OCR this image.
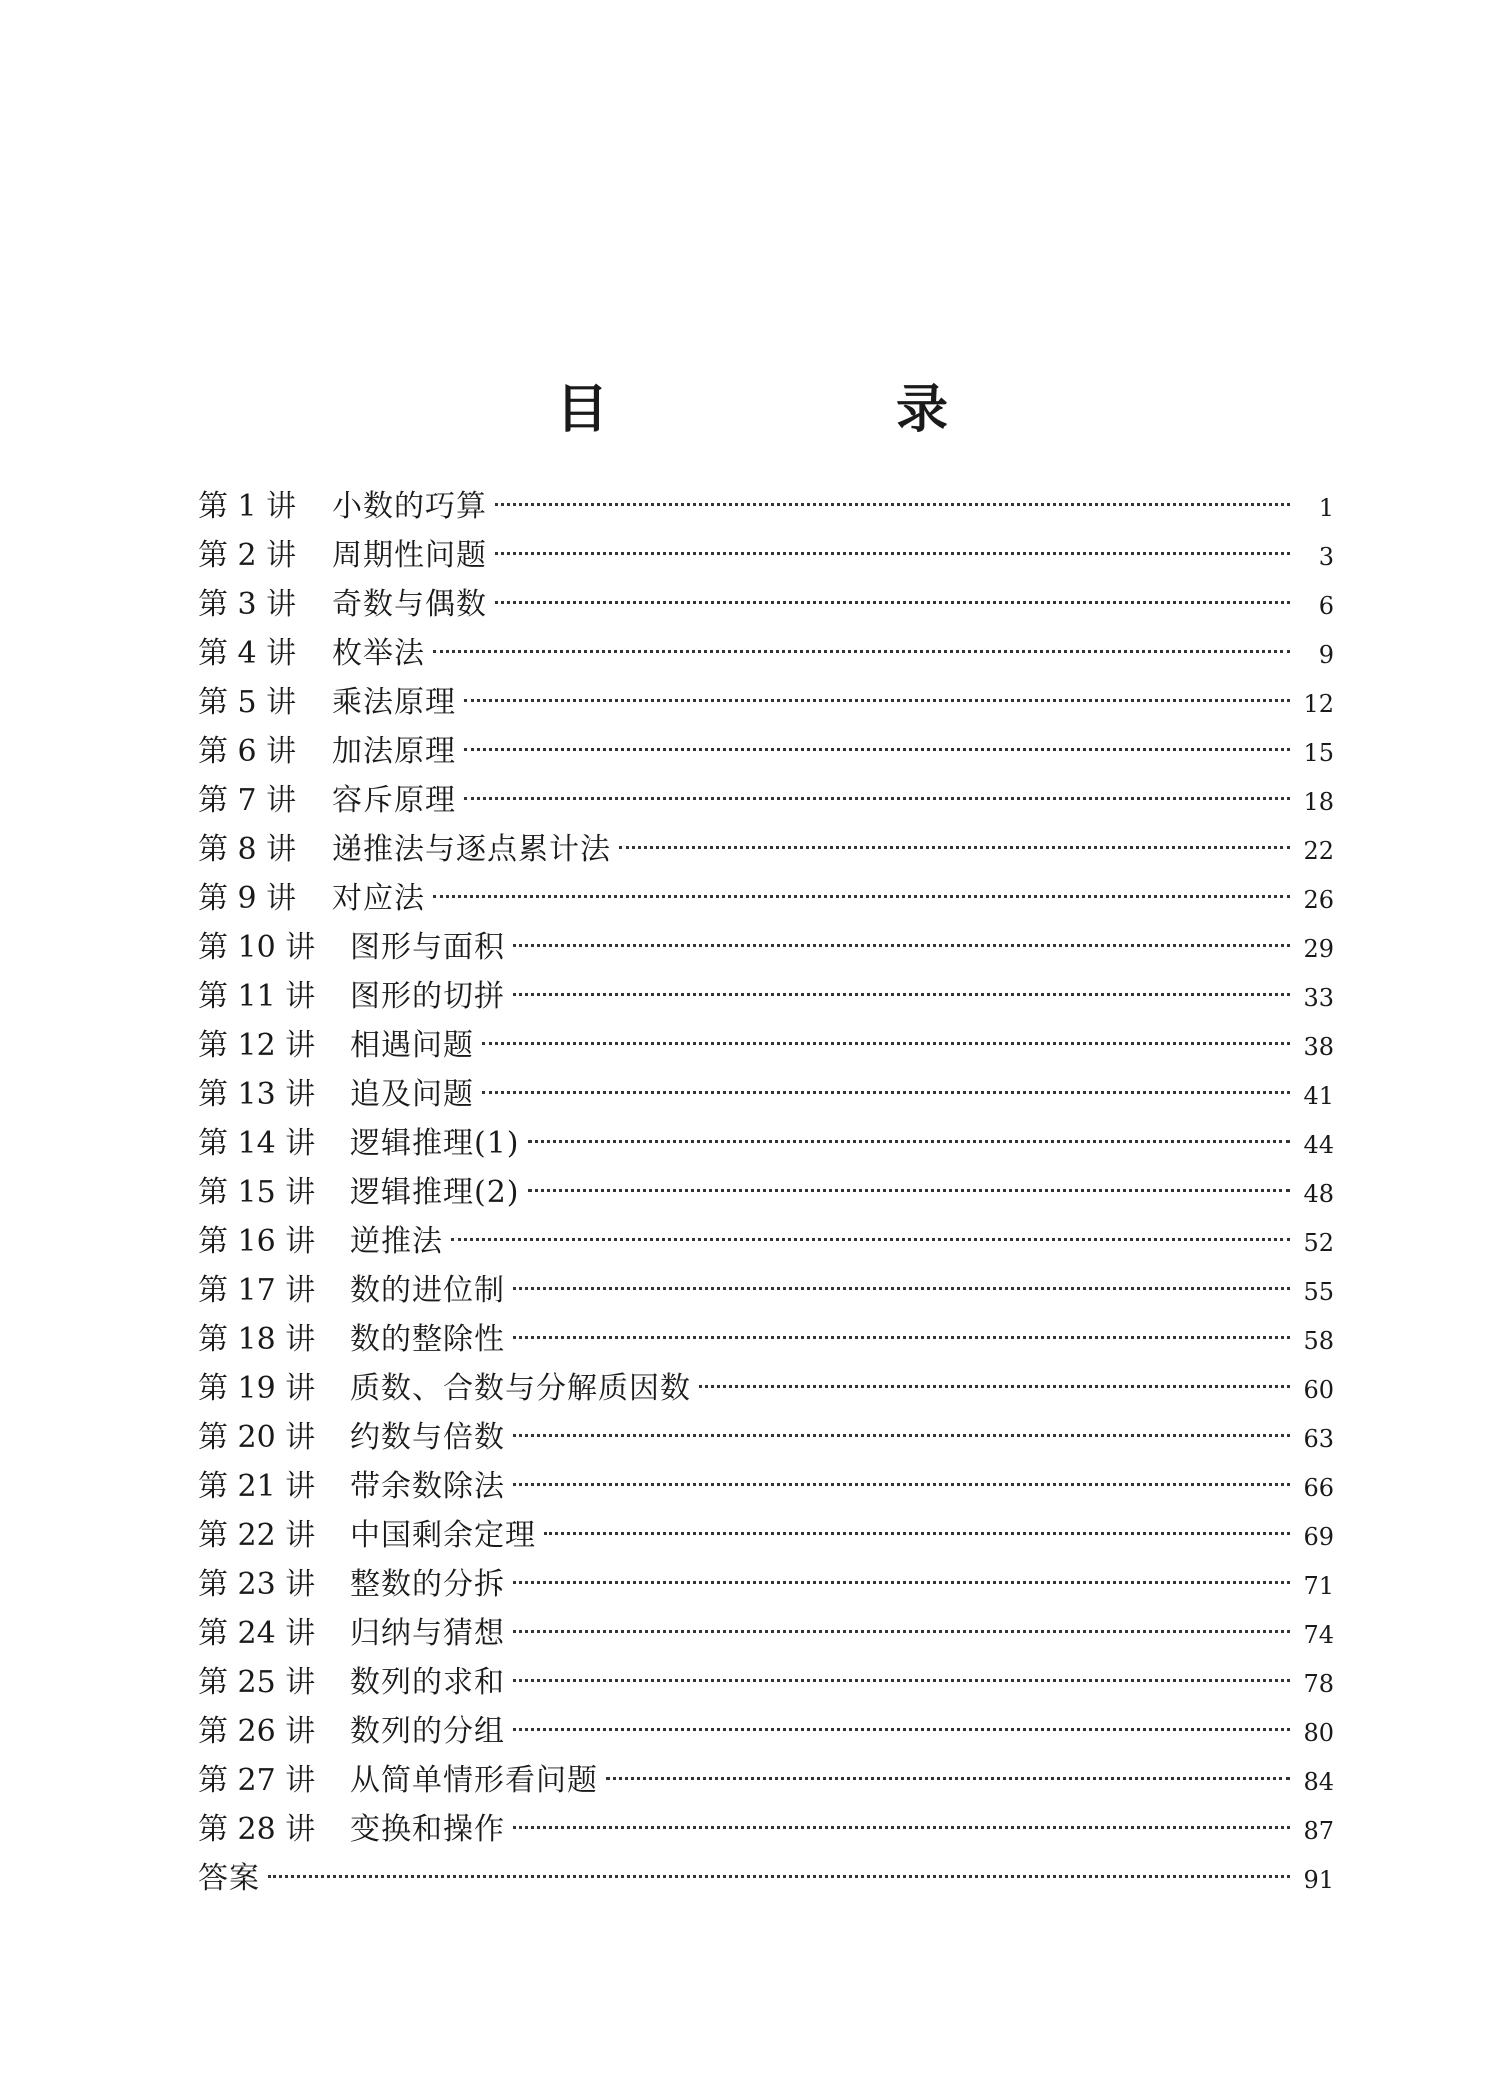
目　录
第 1 讲	小数的巧算	1
第 2 讲	周期性问题	3
第 3 讲	奇数与偶数	6
第 4 讲	枚举法	9
第 5 讲	乘法原理	12
第 6 讲	加法原理	15
第 7 讲	容斥原理	18
第 8 讲	递推法与逐点累计法	22
第 9 讲	对应法	26
第 10 讲	图形与面积	29
第 11 讲	图形的切拼	33
第 12 讲	相遇问题	38
第 13 讲	追及问题	41
第 14 讲	逻辑推理(1)	44
第 15 讲	逻辑推理(2)	48
第 16 讲	逆推法	52
第 17 讲	数的进位制	55
第 18 讲	数的整除性	58
第 19 讲	质数、合数与分解质因数	60
第 20 讲	约数与倍数	63
第 21 讲	带余数除法	66
第 22 讲	中国剩余定理	69
第 23 讲	整数的分拆	71
第 24 讲	归纳与猜想	74
第 25 讲	数列的求和	78
第 26 讲	数列的分组	80
第 27 讲	从简单情形看问题	84
第 28 讲	变换和操作	87
答案	91
